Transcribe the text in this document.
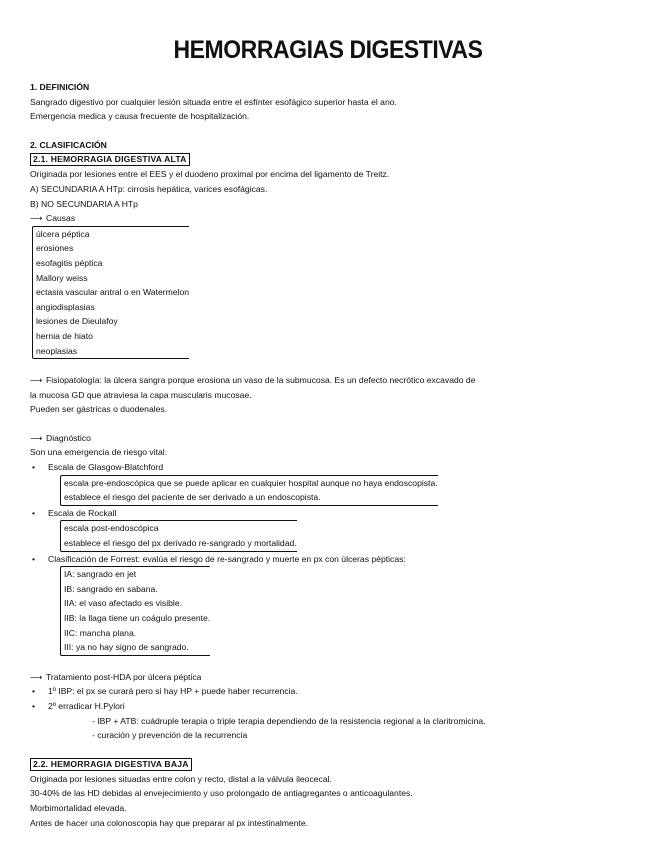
HEMORRAGIAS DIGESTIVAS
1. DEFINICIÓN
Sangrado digestivo por cualquier lesión situada entre el esfínter esofágico superior hasta el ano.
Emergencia medica y causa frecuente de hospitalización.
2. CLASIFICACIÓN
2.1. HEMORRAGIA DIGESTIVA ALTA
Originada por lesiones entre el EES y el duodeno proximal por encima del ligamento de Treitz.
A) SECUNDARIA A HTp: cirrosis hepática, varices esofágicas.
B) NO SECUNDARIA A HTp
⟶ Causas
úlcera péptica
erosiones
esofagitis péptica
Mallory weiss
ectasia vascular antral o en Watermelon
angiodisplasias
lesiones de Dieulafoy
hernia de hiato
neoplasias
⟶ Fisiopatología: la úlcera sangra porque erosiona un vaso de la submucosa. Es un defecto necrótico excavado de
la mucosa GD que atraviesa la capa muscularis mucosae.
Pueden ser gástricas o duodenales.
⟶ Diagnóstico
Son una emergencia de riesgo vital.
• Escala de Glasgow-Blatchford
escala pre-endoscópica que se puede aplicar en cualquier hospital aunque no haya endoscopista.
establece el riesgo del paciente de ser derivado a un endoscopista.
• Escala de Rockall
escala post-endoscópica
establece el riesgo del px derivado re-sangrado y mortalidad.
• Clasificación de Forrest: evalúa el riesgo de re-sangrado y muerte en px con úlceras pépticas:
IA: sangrado en jet
IB: sangrado en sabana.
IIA: el vaso afectado es visible.
IIB: la llaga tiene un coágulo presente.
IIC: mancha plana.
III: ya no hay signo de sangrado.
⟶ Tratamiento post-HDA por úlcera péptica
• 1º IBP: el px se curará pero si hay HP + puede haber recurrencia.
• 2º erradicar H.Pylori
- IBP + ATB: cuádruple terapia o triple terapia dependiendo de la resistencia regional a la claritromicina.
- curación y prevención de la recurrencia
2.2. HEMORRAGIA DIGESTIVA BAJA
Originada por lesiones situadas entre colon y recto, distal a la válvula ileocecal.
30-40% de las HD debidas al envejecimiento y uso prolongado de antiagregantes o anticoagulantes.
Morbimortalidad elevada.
Antes de hacer una colonoscopia hay que preparar al px intestinalmente.
